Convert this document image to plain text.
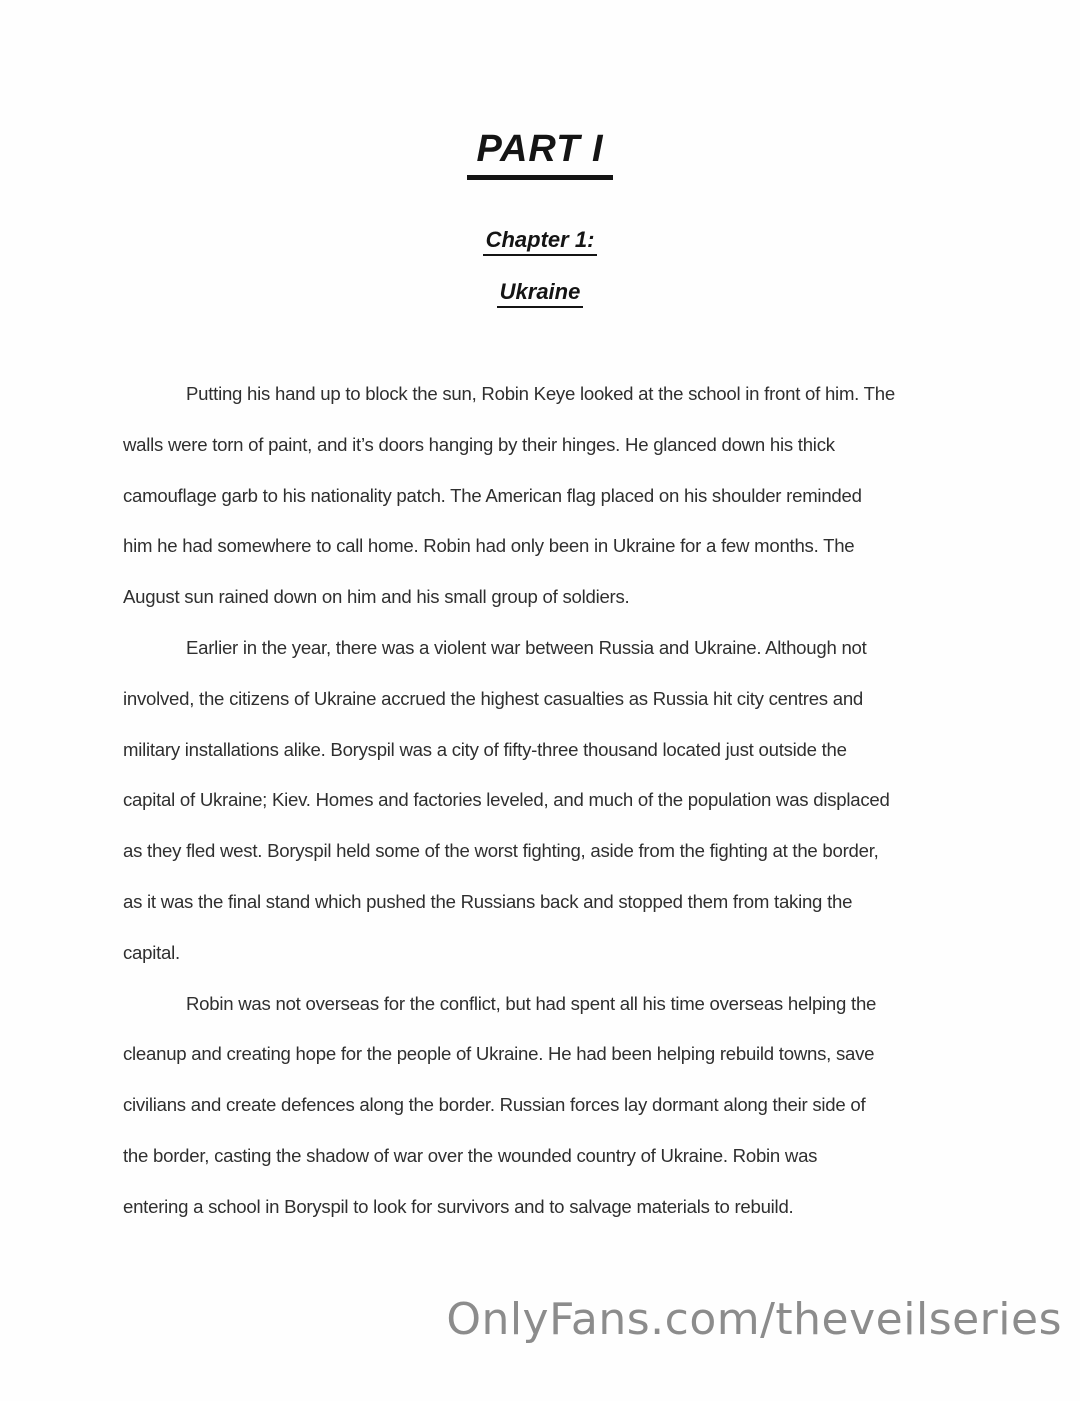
PART I
Chapter 1:
Ukraine
Putting his hand up to block the sun, Robin Keye looked at the school in front of him. The
walls were torn of paint, and it’s doors hanging by their hinges. He glanced down his thick
camouflage garb to his nationality patch. The American flag placed on his shoulder reminded
him he had somewhere to call home. Robin had only been in Ukraine for a few months. The
August sun rained down on him and his small group of soldiers.
Earlier in the year, there was a violent war between Russia and Ukraine. Although not
involved, the citizens of Ukraine accrued the highest casualties as Russia hit city centres and
military installations alike. Boryspil was a city of fifty-three thousand located just outside the
capital of Ukraine; Kiev. Homes and factories leveled, and much of the population was displaced
as they fled west. Boryspil held some of the worst fighting, aside from the fighting at the border,
as it was the final stand which pushed the Russians back and stopped them from taking the
capital.
Robin was not overseas for the conflict, but had spent all his time overseas helping the
cleanup and creating hope for the people of Ukraine. He had been helping rebuild towns, save
civilians and create defences along the border. Russian forces lay dormant along their side of
the border, casting the shadow of war over the wounded country of Ukraine. Robin was
entering a school in Boryspil to look for survivors and to salvage materials to rebuild.
OnlyFans.com/theveilseries
